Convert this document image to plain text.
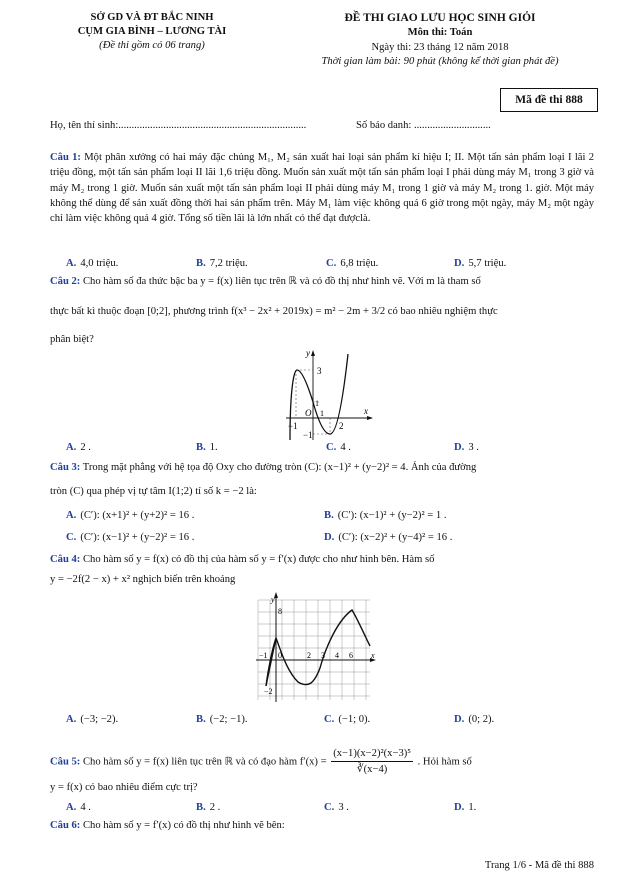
SỞ GD VÀ ĐT BẮC NINH
CỤM GIA BÌNH – LƯƠNG TÀI
(Đề thi gồm có 06 trang)
ĐỀ THI GIAO LƯU HỌC SINH GIỎI
Môn thi: Toán
Ngày thi: 23 tháng 12 năm 2018
Thời gian làm bài: 90 phút (không kể thời gian phát đề)
Mã đề thi 888
Họ, tên thí sinh:.......................................................................	Số báo danh: .............................
Câu 1: Một phân xưởng có hai máy đặc chủng M₁, M₂ sản xuất hai loại sản phẩm kí hiệu I; II. Một tấn sản phẩm loại I lãi 2 triệu đồng, một tấn sản phẩm loại II lãi 1,6 triệu đồng. Muốn sản xuất một tấn sản phẩm loại I phải dùng máy M₁ trong 3 giờ và máy M₂ trong 1 giờ. Muốn sản xuất một tấn sản phẩm loại II phải dùng máy M₁ trong 1 giờ và máy M₂ trong 1. giờ. Một máy không thể dùng để sản xuất đồng thời hai sản phẩm trên. Máy M₁ làm việc không quá 6 giờ trong một ngày, máy M₂ một ngày chỉ làm việc không quá 4 giờ. Tổng số tiền lãi là lớn nhất có thể đạt đượclà.
A. 4,0 triệu.	B. 7,2 triệu.	C. 6,8 triệu.	D. 5,7 triệu.
Câu 2: Cho hàm số đa thức bậc ba y = f(x) liên tục trên ℝ và có đồ thị như hình vẽ. Với m là tham số
thực bất kì thuộc đoạn [0;2], phương trình f(x³ − 2x² + 2019x) = m² − 2m + 3/2 có bao nhiêu nghiệm thực
phân biệt?
y
x
O
3
1
1
2
−1
−1
A. 2 .	B. 1.	C. 4 .	D. 3 .
Câu 3: Trong mặt phẳng với hệ tọa độ Oxy cho đường tròn (C): (x−1)² + (y−2)² = 4. Ảnh của đường
tròn (C) qua phép vị tự tâm I(1;2) tỉ số k = −2 là:
A. (C′): (x+1)² + (y+2)² = 16 .	B. (C′): (x−1)² + (y−2)² = 1 .
C. (C′): (x−1)² + (y−2)² = 16 .	D. (C′): (x−2)² + (y−4)² = 16 .
Câu 4: Cho hàm số y = f(x) có đồ thị của hàm số y = f′(x) được cho như hình bên. Hàm số
y = −2f(2 − x) + x² nghịch biến trên khoảng
y
x
8
−1 0	2 3 4 6
−2
A. (−3; −2).	B. (−2; −1).	C. (−1; 0).	D. (0; 2).
Câu 5: Cho hàm số y = f(x) liên tục trên ℝ và có đạo hàm $f'(x) = \frac{\text{(x−1)(x−2)²(x−3)⁵}}{∛(x-4)}$ . Hỏi hàm số
y = f(x) có bao nhiêu điểm cực trị?
A. 4 .	B. 2 .	C. 3 .	D. 1.
Câu 6: Cho hàm số y = f′(x) có đồ thị như hình vẽ bên:
Trang 1/6 - Mã đề thi 888
